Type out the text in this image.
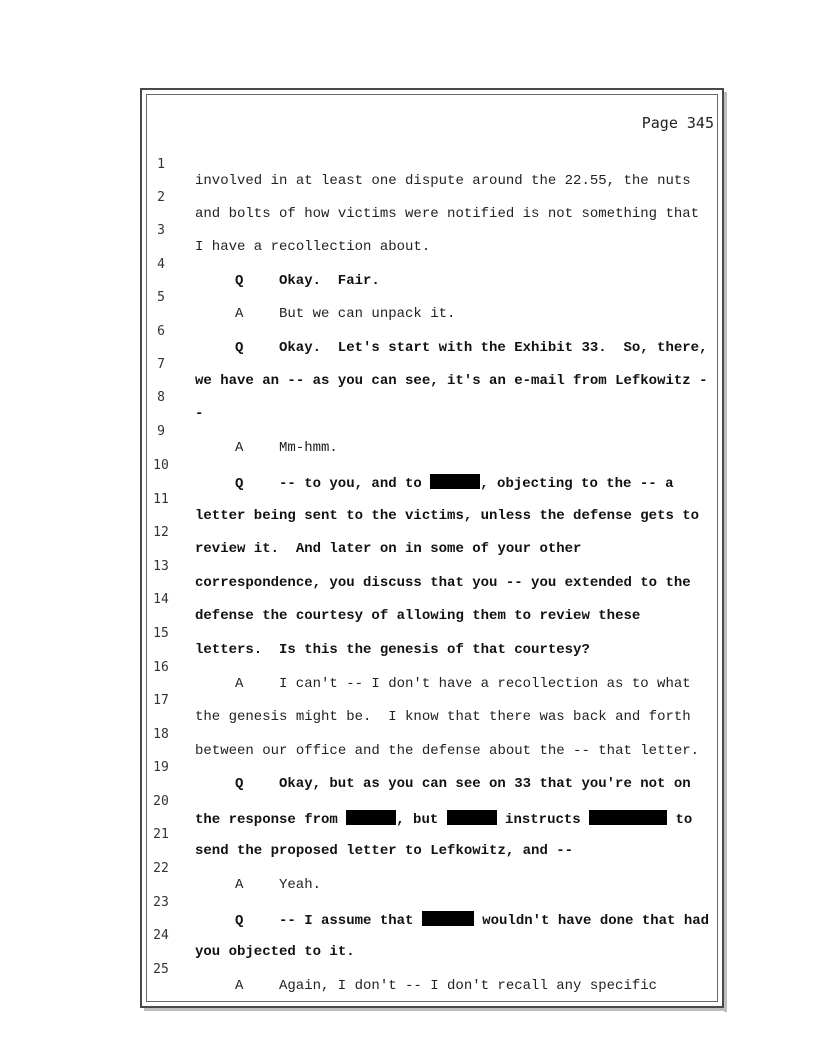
Page 345

1

involved in at least one dispute around the 22.55, the nuts

2

and bolts of how victims were notified is not something that

3

I have a recollection about.

4

Q	Okay.  Fair.

5

A	But we can unpack it.

6

Q	Okay.  Let's start with the Exhibit 33.  So, there,

7

we have an -- as you can see, it's an e-mail from Lefkowitz -

8

-

9

A	Mm-hmm.

10

Q	-- to you, and to	, objecting to the -- a

11

letter being sent to the victims, unless the defense gets to

12

review it.  And later on in some of your other

13

correspondence, you discuss that you -- you extended to the

14

defense the courtesy of allowing them to review these

15

letters.  Is this the genesis of that courtesy?

16

A	I can't -- I don't have a recollection as to what

17

the genesis might be.  I know that there was back and forth

18

between our office and the defense about the -- that letter.

19

Q	Okay, but as you can see on 33 that you're not on

20

the response from	, but	instructs	to

21

send the proposed letter to Lefkowitz, and --

22

A	Yeah.

23

Q	-- I assume that	wouldn't have done that had

24

you objected to it.

25

A	Again, I don't -- I don't recall any specific
